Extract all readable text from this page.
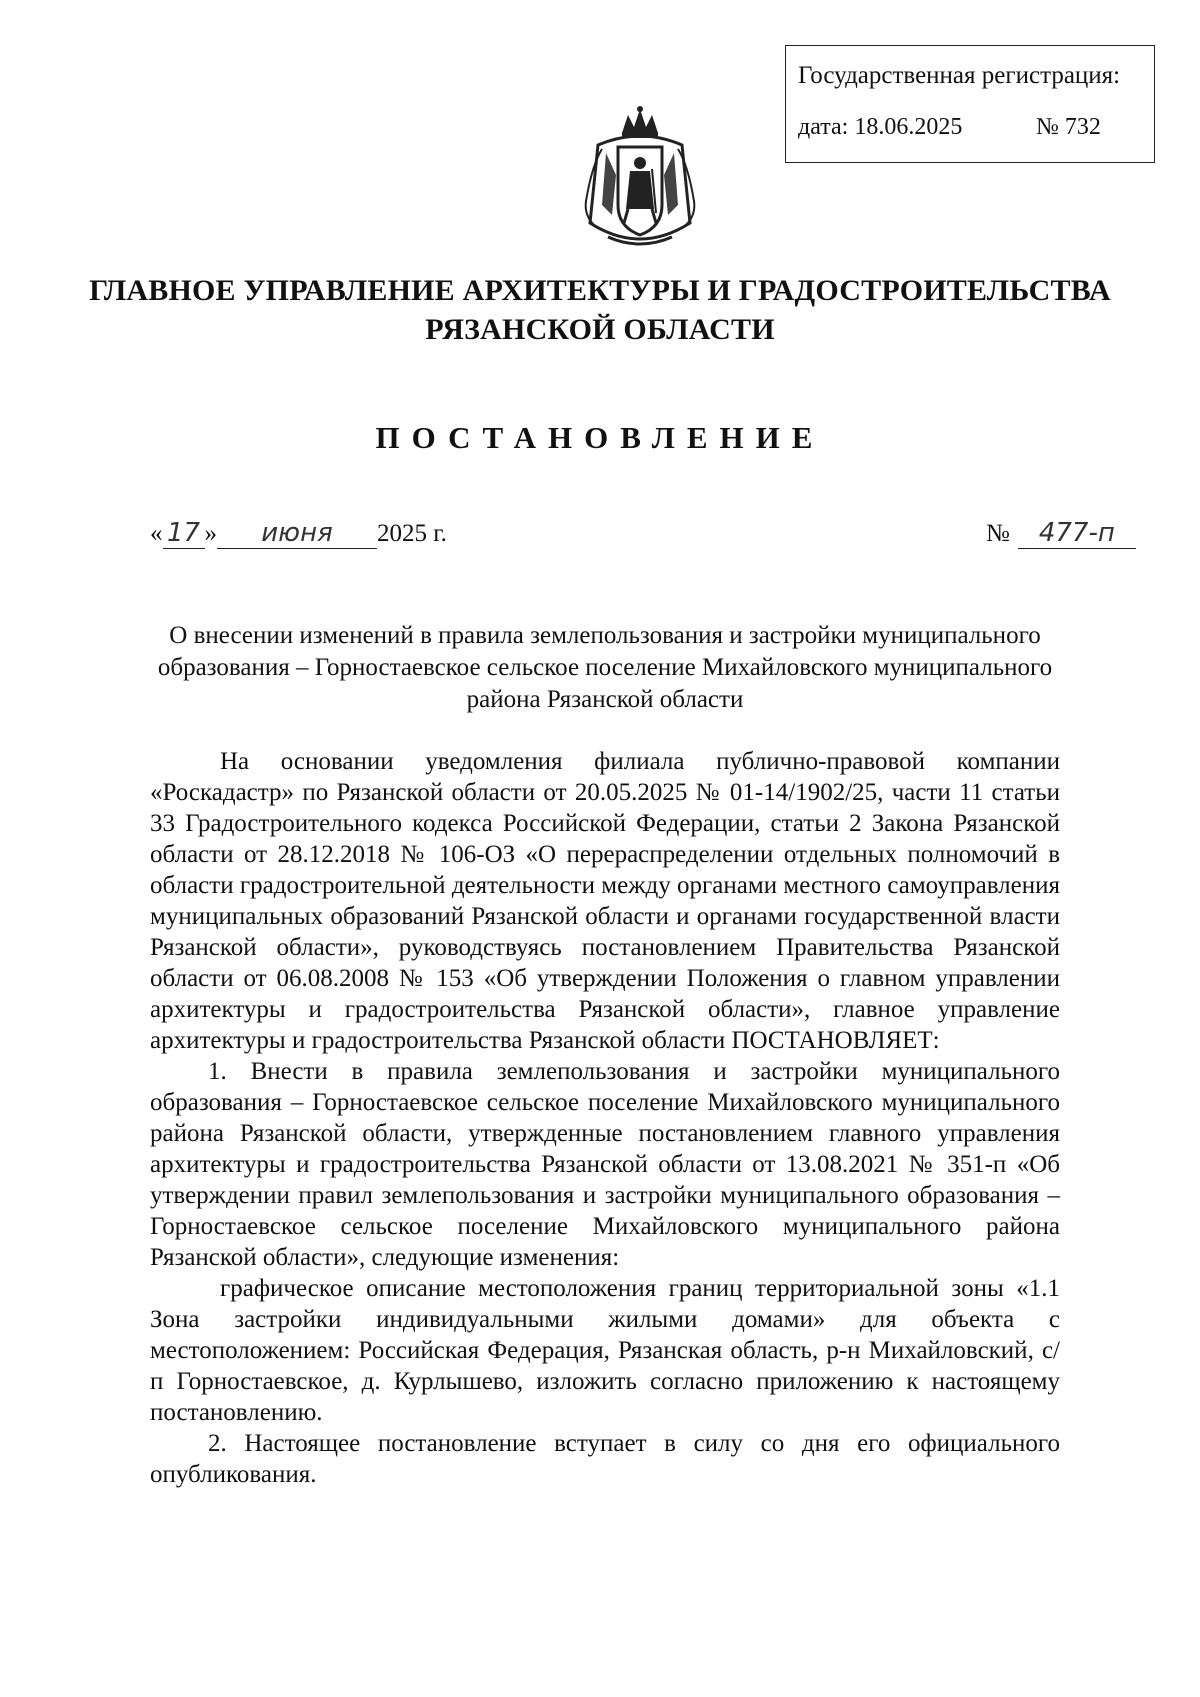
Государственная регистрация:
дата: 18.06.2025	№ 732
ГЛАВНОЕ УПРАВЛЕНИЕ АРХИТЕКТУРЫ И ГРАДОСТРОИТЕЛЬСТВА
РЯЗАНСКОЙ ОБЛАСТИ
ПОСТАНОВЛЕНИЕ
« 17 » июня 2025 г.	№ 477-п
О внесении изменений в правила землепользования и застройки муниципального образования – Горностаевское сельское поселение Михайловского муниципального района Рязанской области

На основании уведомления филиала публично-правовой компании «Роскадастр» по Рязанской области от 20.05.2025 № 01-14/1902/25, части 11 статьи 33 Градостроительного кодекса Российской Федерации, статьи 2 Закона Рязанской области от 28.12.2018 № 106-ОЗ «О перераспределении отдельных полномочий в области градостроительной деятельности между органами местного самоуправления муниципальных образований Рязанской области и органами государственной власти Рязанской области», руководствуясь постановлением Правительства Рязанской области от 06.08.2008 № 153 «Об утверждении Положения о главном управлении архитектуры и градостроительства Рязанской области», главное управление архитектуры и градостроительства Рязанской области ПОСТАНОВЛЯЕТ:

1. Внести в правила землепользования и застройки муниципального образования – Горностаевское сельское поселение Михайловского муниципального района Рязанской области, утвержденные постановлением главного управления архитектуры и градостроительства Рязанской области от 13.08.2021 № 351-п «Об утверждении правил землепользования и застройки муниципального образования – Горностаевское сельское поселение Михайловского муниципального района Рязанской области», следующие изменения:

графическое описание местоположения границ территориальной зоны «1.1 Зона застройки индивидуальными жилыми домами» для объекта с местоположением: Российская Федерация, Рязанская область, р-н Михайловский, с/п Горностаевское, д. Курлышево, изложить согласно приложению к настоящему постановлению.

2. Настоящее постановление вступает в силу со дня его официального опубликования.
